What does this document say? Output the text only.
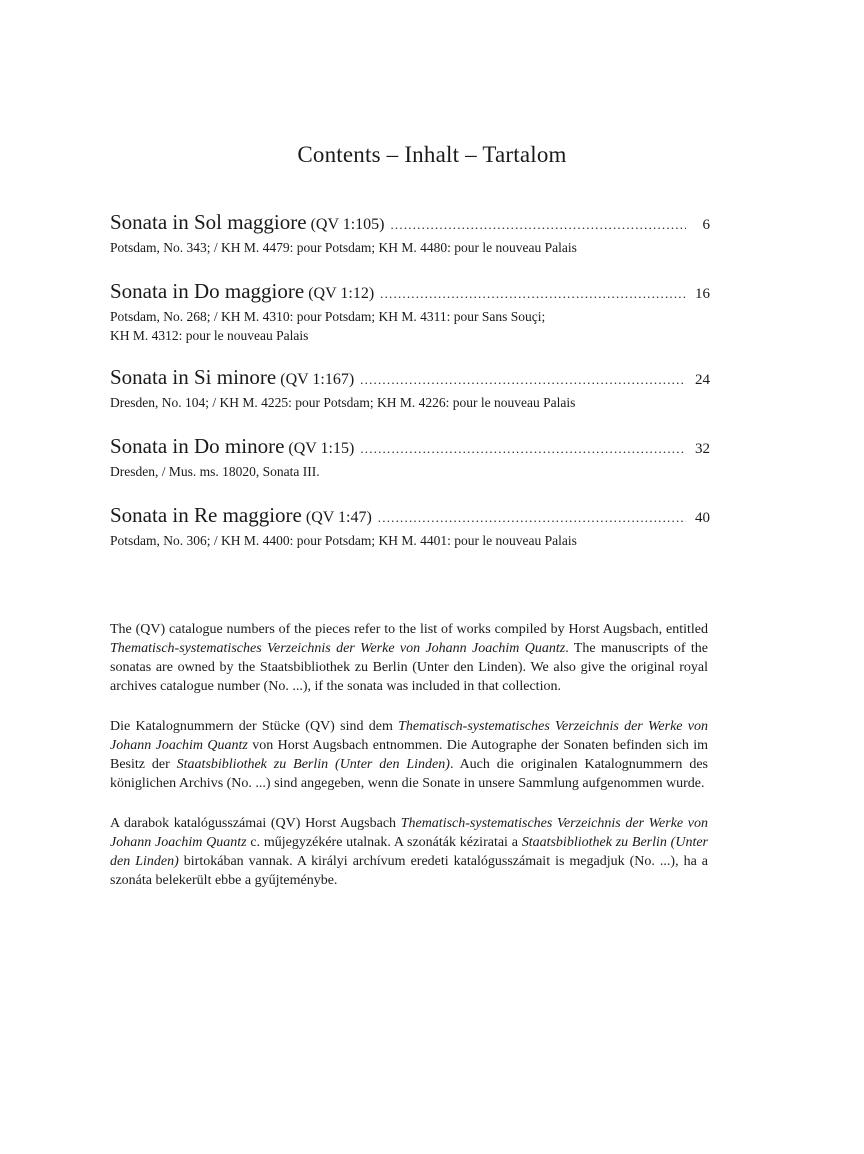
Contents – Inhalt – Tartalom
Sonata in Sol maggiore (QV 1:105) .....	6
Potsdam, No. 343; / KH M. 4479: pour Potsdam; KH M. 4480: pour le nouveau Palais
Sonata in Do maggiore (QV 1:12) .....	16
Potsdam, No. 268; / KH M. 4310: pour Potsdam; KH M. 4311: pour Sans Souçi;
KH M. 4312: pour le nouveau Palais
Sonata in Si minore (QV 1:167) .....	24
Dresden, No. 104; / KH M. 4225: pour Potsdam; KH M. 4226: pour le nouveau Palais
Sonata in Do minore (QV 1:15) .....	32
Dresden, / Mus. ms. 18020, Sonata III.
Sonata in Re maggiore (QV 1:47) .....	40
Potsdam, No. 306; / KH M. 4400: pour Potsdam; KH M. 4401: pour le nouveau Palais

The (QV) catalogue numbers of the pieces refer to the list of works compiled by Horst Augsbach, entitled Thematisch-systematisches Verzeichnis der Werke von Johann Joachim Quantz. The manuscripts of the sonatas are owned by the Staatsbibliothek zu Berlin (Unter den Linden). We also give the original royal archives catalogue number (No. ...), if the sonata was included in that collection.

Die Katalognummern der Stücke (QV) sind dem Thematisch-systematisches Verzeichnis der Werke von Johann Joachim Quantz von Horst Augsbach entnommen. Die Autographe der Sonaten befinden sich im Besitz der Staatsbibliothek zu Berlin (Unter den Linden). Auch die originalen Katalognummern des königlichen Archivs (No. ...) sind angegeben, wenn die Sonate in unsere Sammlung aufgenommen wurde.

A darabok katalógusszámai (QV) Horst Augsbach Thematisch-systematisches Verzeichnis der Werke von Johann Joachim Quantz c. műjegyzékére utalnak. A szonáták kéziratai a Staatsbibliothek zu Berlin (Unter den Linden) birtokában vannak. A királyi archívum eredeti katalógusszámait is megadjuk (No. ...), ha a szonáta belekerült ebbe a gyűjteménybe.
